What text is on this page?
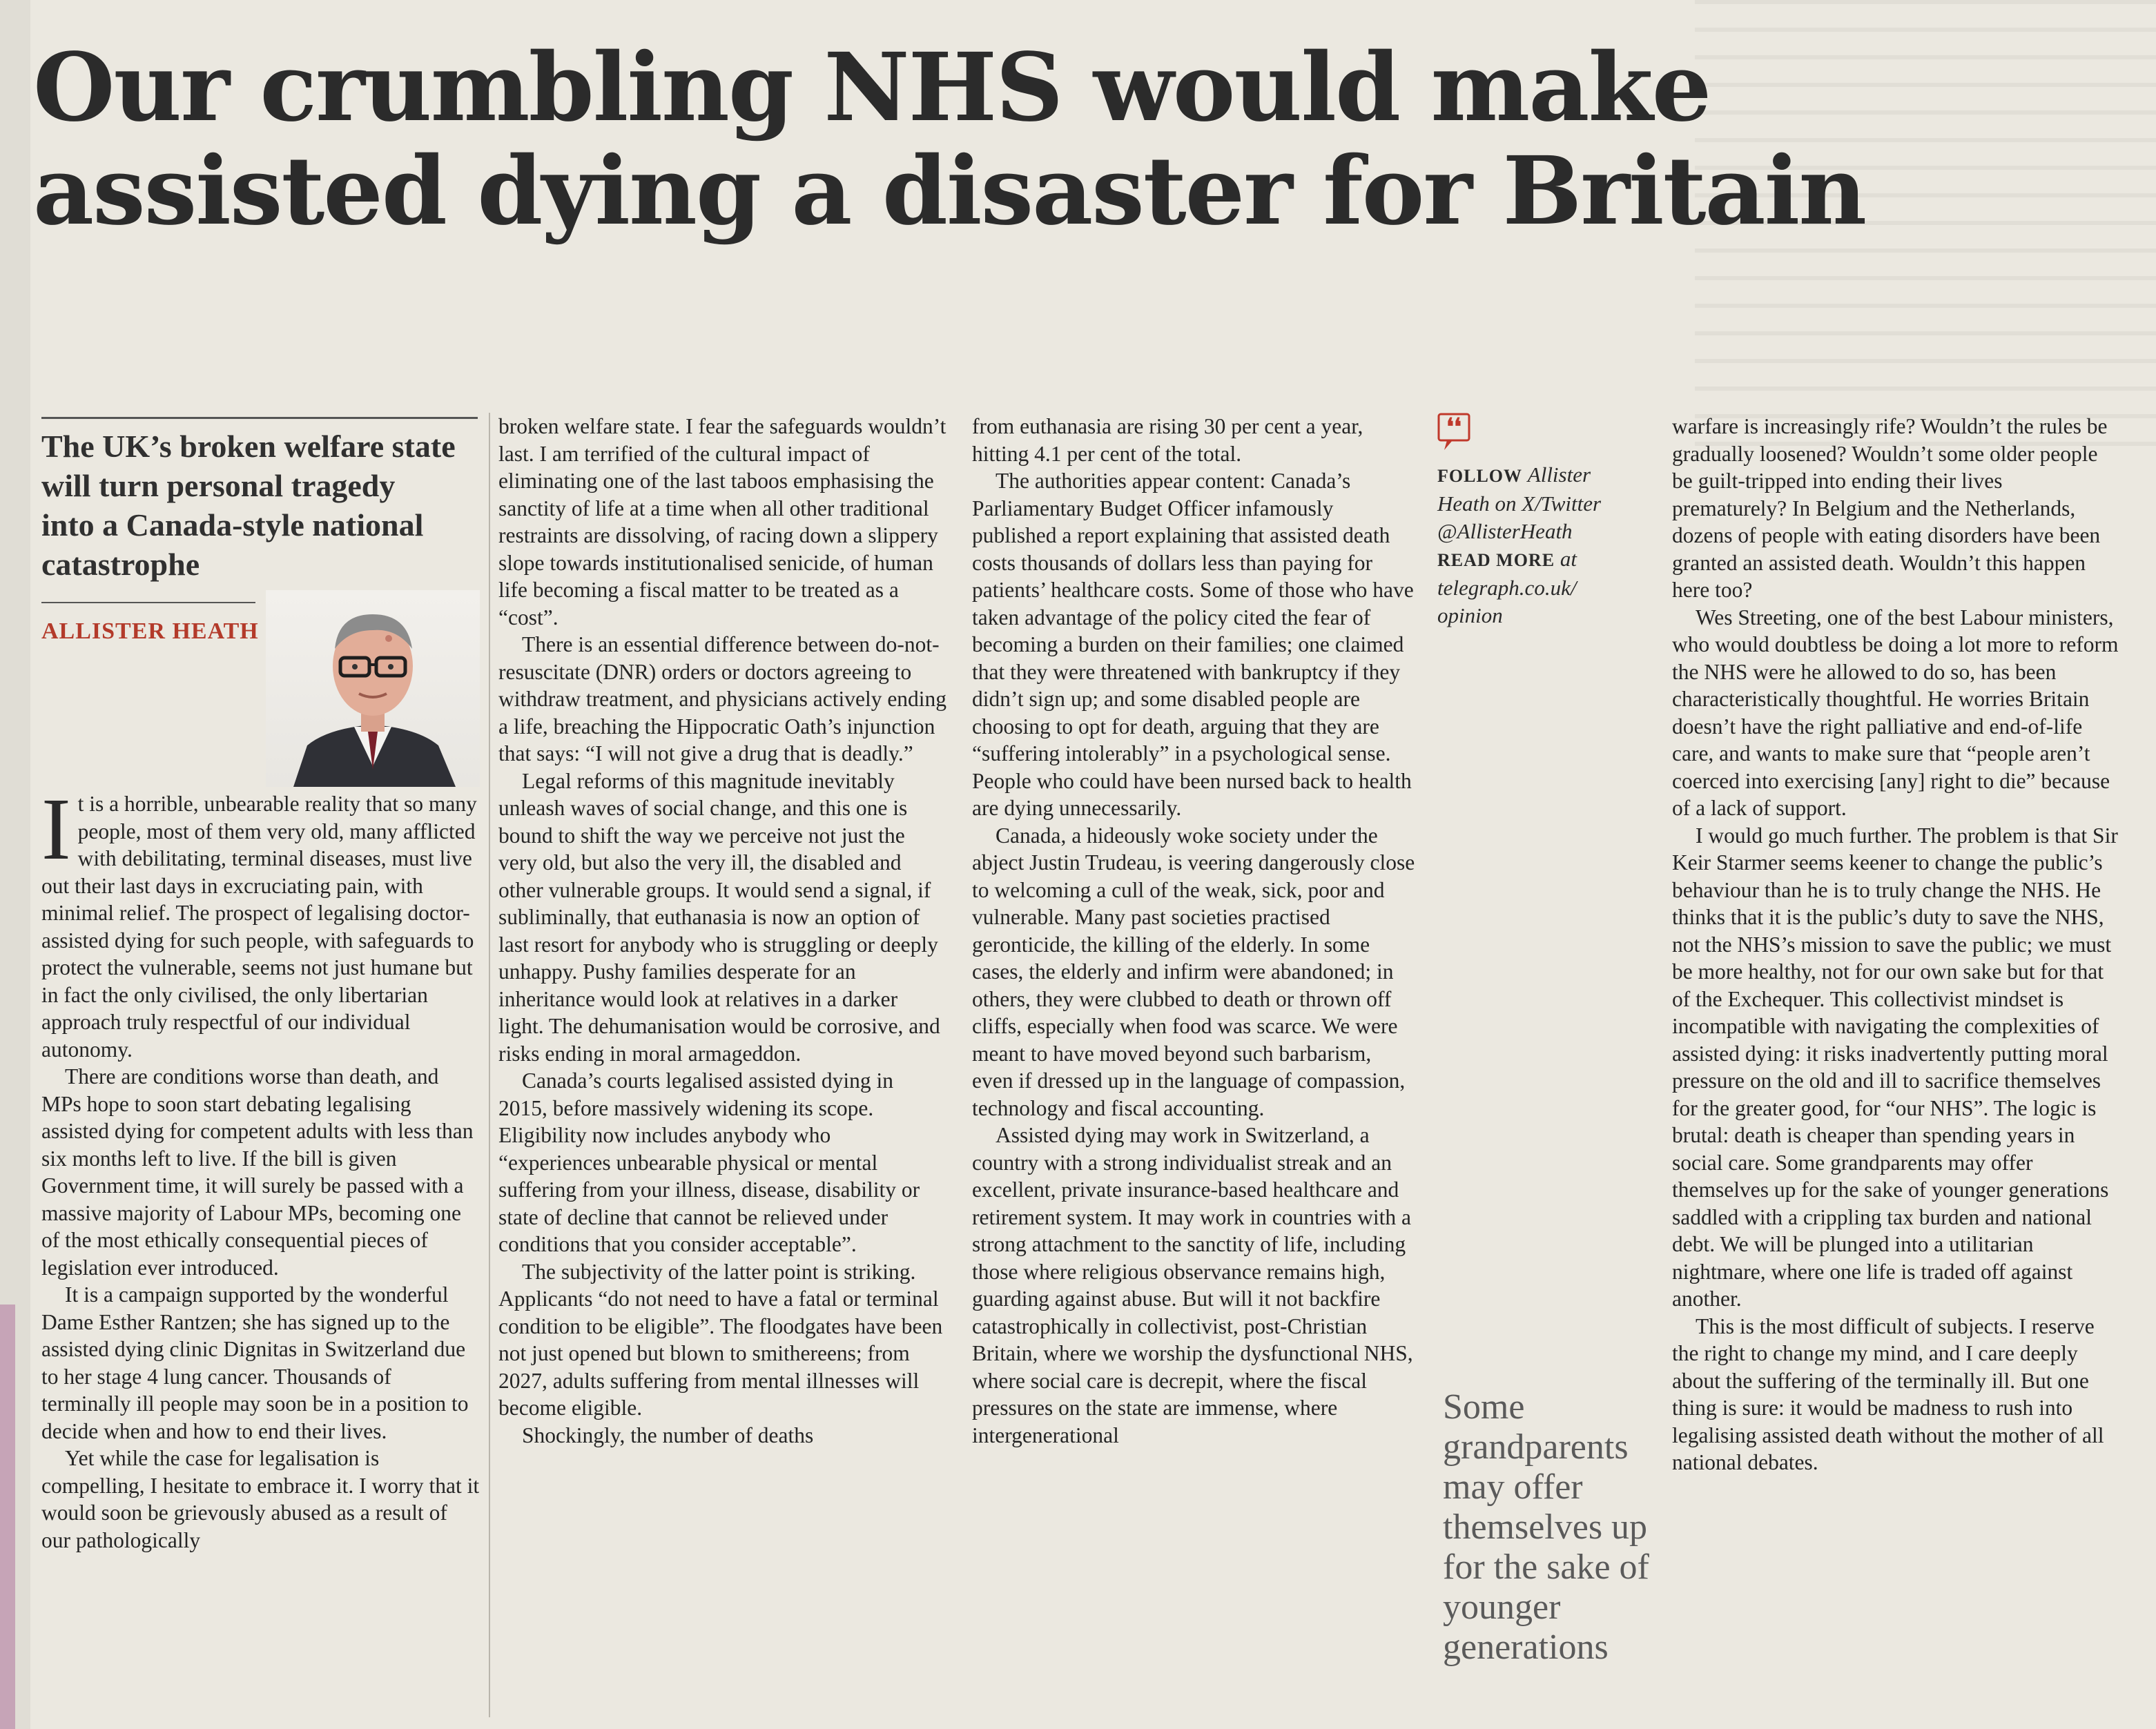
Our crumbling NHS would make assisted dying a disaster for Britain
The UK’s broken welfare state will turn personal tragedy into a Canada-style national catastrophe
ALLISTER HEATH

It is a horrible, unbearable reality that so many people, most of them very old, many afflicted with debilitating, terminal diseases, must live out their last days in excruciating pain, with minimal relief. The prospect of legalising doctor-assisted dying for such people, with safeguards to protect the vulnerable, seems not just humane but in fact the only civilised, the only libertarian approach truly respectful of our individual autonomy.

There are conditions worse than death, and MPs hope to soon start debating legalising assisted dying for competent adults with less than six months left to live. If the bill is given Government time, it will surely be passed with a massive majority of Labour MPs, becoming one of the most ethically consequential pieces of legislation ever introduced.

It is a campaign supported by the wonderful Dame Esther Rantzen; she has signed up to the assisted dying clinic Dignitas in Switzerland due to her stage 4 lung cancer. Thousands of terminally ill people may soon be in a position to decide when and how to end their lives.

Yet while the case for legalisation is compelling, I hesitate to embrace it. I worry that it would soon be grievously abused as a result of our pathologically

broken welfare state. I fear the safeguards wouldn’t last. I am terrified of the cultural impact of eliminating one of the last taboos emphasising the sanctity of life at a time when all other traditional restraints are dissolving, of racing down a slippery slope towards institutionalised senicide, of human life becoming a fiscal matter to be treated as a “cost”.

There is an essential difference between do-not-resuscitate (DNR) orders or doctors agreeing to withdraw treatment, and physicians actively ending a life, breaching the Hippocratic Oath’s injunction that says: “I will not give a drug that is deadly.”

Legal reforms of this magnitude inevitably unleash waves of social change, and this one is bound to shift the way we perceive not just the very old, but also the very ill, the disabled and other vulnerable groups. It would send a signal, if subliminally, that euthanasia is now an option of last resort for anybody who is struggling or deeply unhappy. Pushy families desperate for an inheritance would look at relatives in a darker light. The dehumanisation would be corrosive, and risks ending in moral armageddon.

Canada’s courts legalised assisted dying in 2015, before massively widening its scope. Eligibility now includes anybody who “experiences unbearable physical or mental suffering from your illness, disease, disability or state of decline that cannot be relieved under conditions that you consider acceptable”.

The subjectivity of the latter point is striking. Applicants “do not need to have a fatal or terminal condition to be eligible”. The floodgates have been not just opened but blown to smithereens; from 2027, adults suffering from mental illnesses will become eligible.

Shockingly, the number of deaths

from euthanasia are rising 30 per cent a year, hitting 4.1 per cent of the total.

The authorities appear content: Canada’s Parliamentary Budget Officer infamously published a report explaining that assisted death costs thousands of dollars less than paying for patients’ healthcare costs. Some of those who have taken advantage of the policy cited the fear of becoming a burden on their families; one claimed that they were threatened with bankruptcy if they didn’t sign up; and some disabled people are choosing to opt for death, arguing that they are “suffering intolerably” in a psychological sense. People who could have been nursed back to health are dying unnecessarily.

Canada, a hideously woke society under the abject Justin Trudeau, is veering dangerously close to welcoming a cull of the weak, sick, poor and vulnerable. Many past societies practised geronticide, the killing of the elderly. In some cases, the elderly and infirm were abandoned; in others, they were clubbed to death or thrown off cliffs, especially when food was scarce. We were meant to have moved beyond such barbarism, even if dressed up in the language of compassion, technology and fiscal accounting.

Assisted dying may work in Switzerland, a country with a strong individualist streak and an excellent, private insurance-based healthcare and retirement system. It may work in countries with a strong attachment to the sanctity of life, including those where religious observance remains high, guarding against abuse. But will it not backfire catastrophically in collectivist, post-Christian Britain, where we worship the dysfunctional NHS, where social care is decrepit, where the fiscal pressures on the state are immense, where intergenerational

❛❛
FOLLOW Allister Heath on X/Twitter @AllisterHeath
READ MORE at telegraph.co.uk/ opinion

Some grandparents may offer themselves up for the sake of younger generations

warfare is increasingly rife? Wouldn’t the rules be gradually loosened? Wouldn’t some older people be guilt-tripped into ending their lives prematurely? In Belgium and the Netherlands, dozens of people with eating disorders have been granted an assisted death. Wouldn’t this happen here too?

Wes Streeting, one of the best Labour ministers, who would doubtless be doing a lot more to reform the NHS were he allowed to do so, has been characteristically thoughtful. He worries Britain doesn’t have the right palliative and end-of-life care, and wants to make sure that “people aren’t coerced into exercising [any] right to die” because of a lack of support.

I would go much further. The problem is that Sir Keir Starmer seems keener to change the public’s behaviour than he is to truly change the NHS. He thinks that it is the public’s duty to save the NHS, not the NHS’s mission to save the public; we must be more healthy, not for our own sake but for that of the Exchequer. This collectivist mindset is incompatible with navigating the complexities of assisted dying: it risks inadvertently putting moral pressure on the old and ill to sacrifice themselves for the greater good, for “our NHS”. The logic is brutal: death is cheaper than spending years in social care. Some grandparents may offer themselves up for the sake of younger generations saddled with a crippling tax burden and national debt. We will be plunged into a utilitarian nightmare, where one life is traded off against another.

This is the most difficult of subjects. I reserve the right to change my mind, and I care deeply about the suffering of the terminally ill. But one thing is sure: it would be madness to rush into legalising assisted death without the mother of all national debates.
